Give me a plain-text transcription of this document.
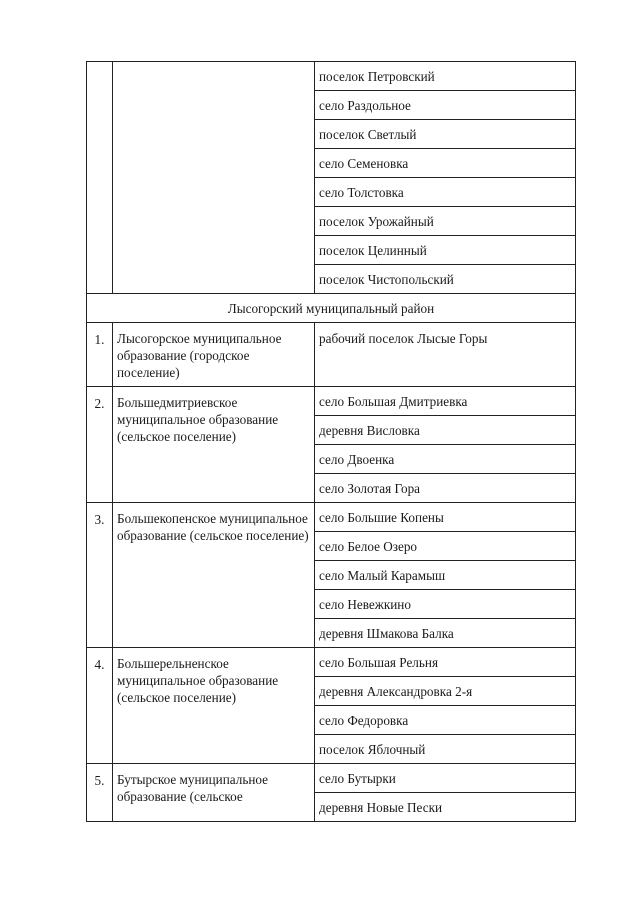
		поселок Петровский
		село Раздольное
		поселок Светлый
		село Семеновка
		село Толстовка
		поселок Урожайный
		поселок Целинный
		поселок Чистопольский
Лысогорский муниципальный район		

1.	Лысогорское муниципальное образование (городское поселение)	рабочий поселок Лысые Горы

2.	Большедмитриевское муниципальное образование (сельское поселение)	село Большая Дмитриевка
		деревня Висловка
		село Двоенка
		село Золотая Гора

3.	Большекопенское муниципальное образование (сельское поселение)	село Большие Копены
		село Белое Озеро
		село Малый Карамыш
		село Невежкино
		деревня Шмакова Балка

4.	Большерельненское муниципальное образование (сельское поселение)	село Большая Рельня
		деревня Александровка 2-я
		село Федоровка
		поселок Яблочный

5.	Бутырское муниципальное образование (сельское	село Бутырки
		деревня Новые Пески
